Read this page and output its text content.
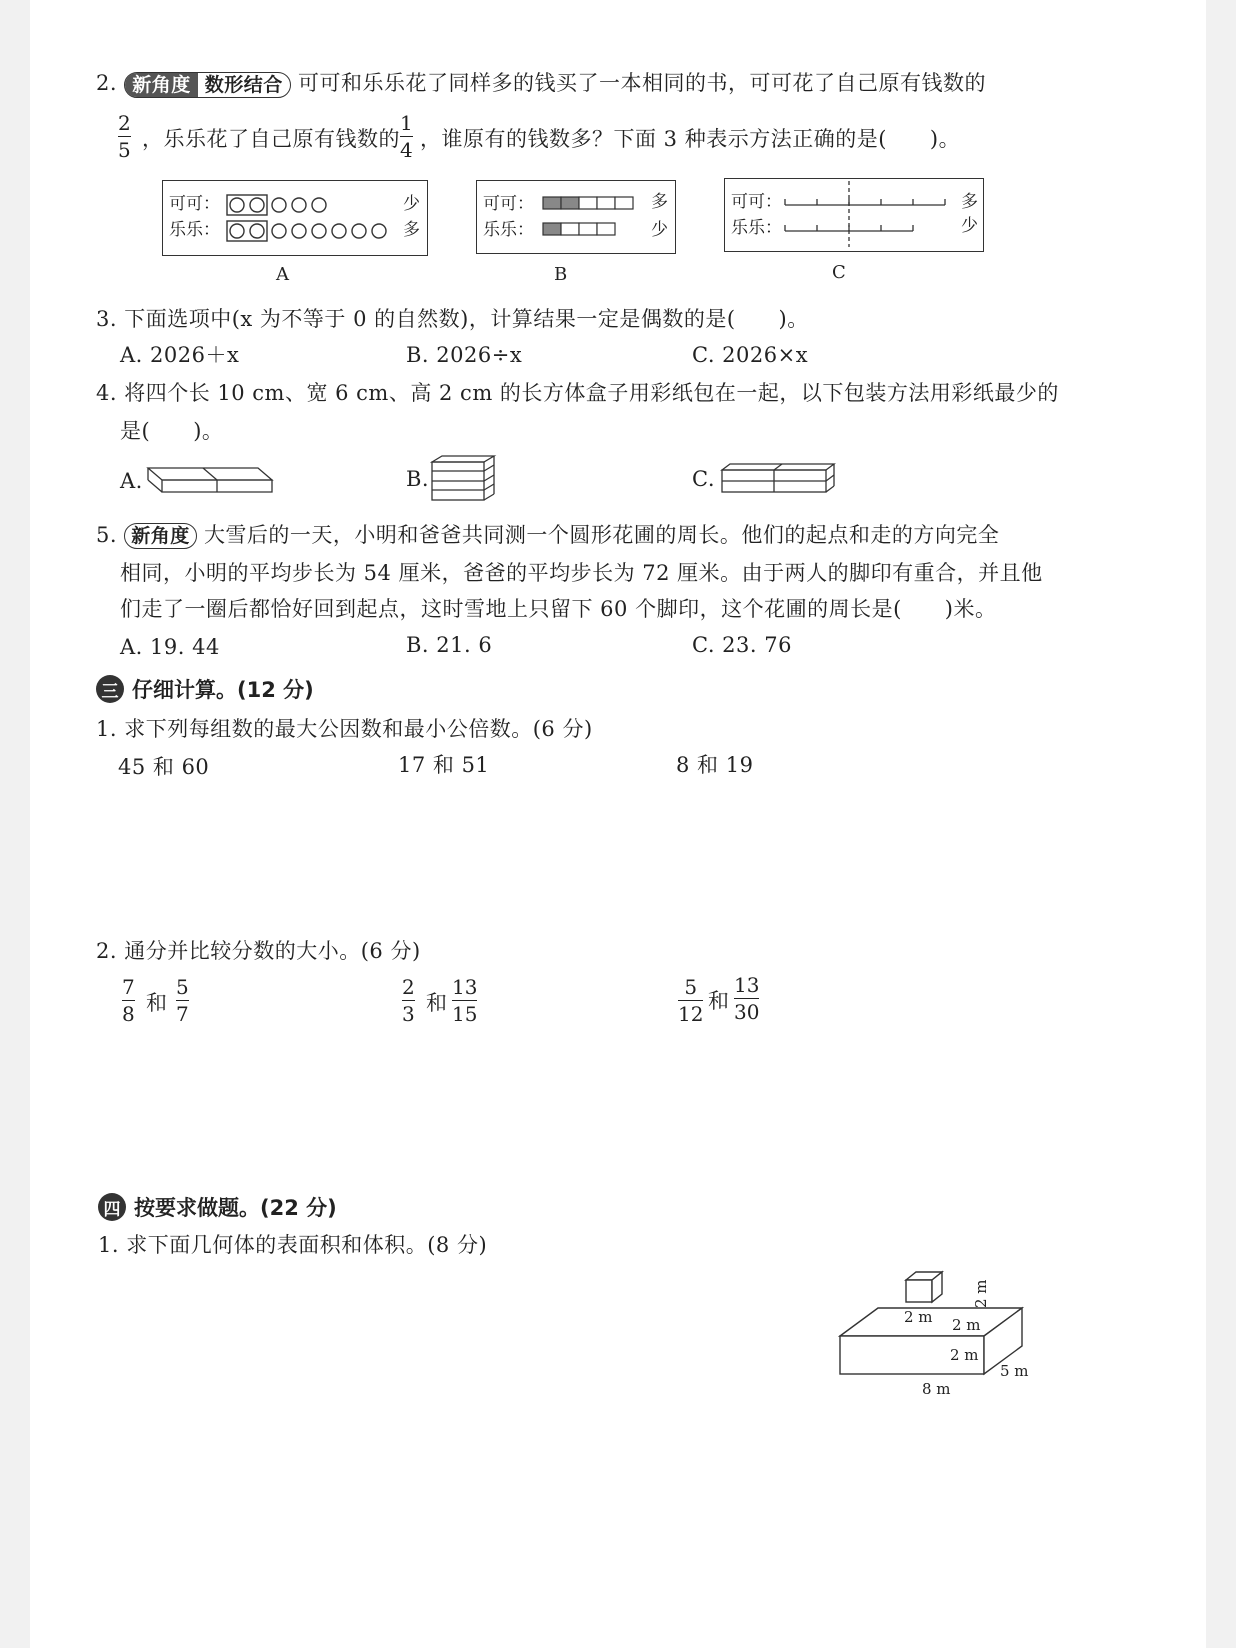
2. 新角度 数形结合 可可和乐乐花了同样多的钱买了一本相同的书，可可花了自己原有钱数的
2
5 ，乐乐花了自己原有钱数的
1
4 ，谁原有的钱数多？下面 3 种表示方法正确的是(　　)。
可可：
乐乐：
少
多
A
可可：
乐乐：
多
少
B
可可：
乐乐：
多
少
C
3. 下面选项中(x 为不等于 0 的自然数)，计算结果一定是偶数的是(　　)。
A. 2026＋x	B. 2026÷x	C. 2026×x
4. 将四个长 10 cm、宽 6 cm、高 2 cm 的长方体盒子用彩纸包在一起，以下包装方法用彩纸最少的
是(　　)。
A.	B.	C.
5. 新角度 大雪后的一天，小明和爸爸共同测一个圆形花圃的周长。他们的起点和走的方向完全
相同，小明的平均步长为 54 厘米，爸爸的平均步长为 72 厘米。由于两人的脚印有重合，并且他
们走了一圈后都恰好回到起点，这时雪地上只留下 60 个脚印，这个花圃的周长是(　　)米。
A. 19. 44	B. 21. 6	C. 23. 76
三 仔细计算。(12 分)
1. 求下列每组数的最大公因数和最小公倍数。(6 分)
45 和 60	17 和 51	8 和 19
2. 通分并比较分数的大小。(6 分)
7
8 和
5
7
2
3 和
13
15
5
12
和
13
30
四 按要求做题。(22 分)
1. 求下面几何体的表面积和体积。(8 分)
2 m
2 m
2 m
2 m
5 m
8 m
